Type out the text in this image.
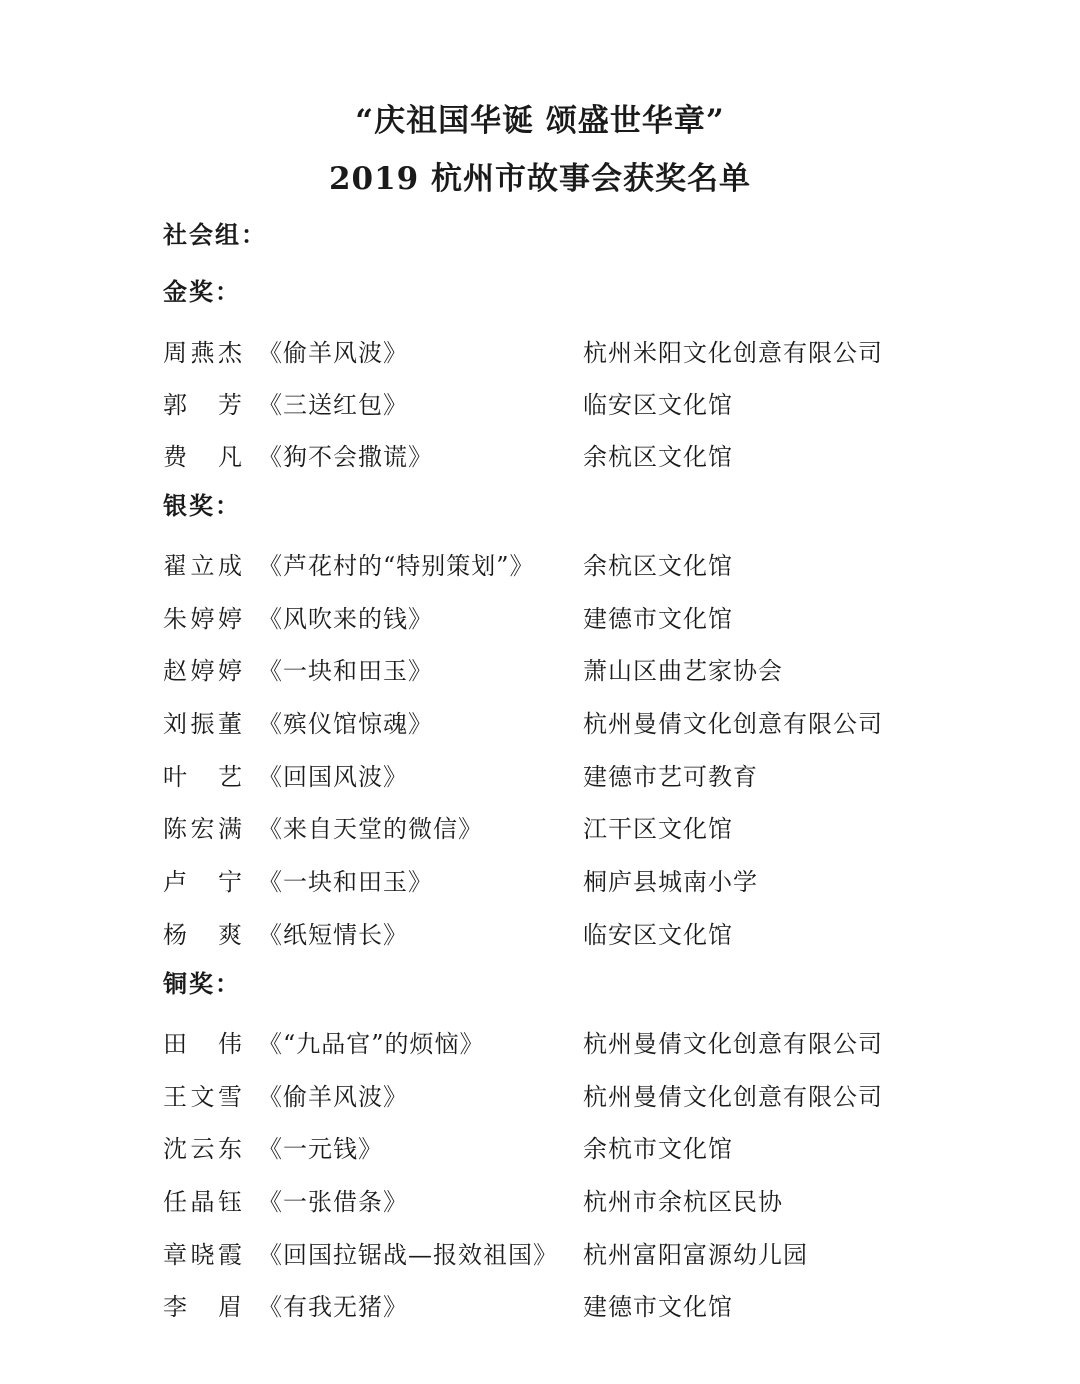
“庆祖国华诞 颂盛世华章”
2019 杭州市故事会获奖名单
社会组：
金奖：
周燕杰 《偷羊风波》	杭州米阳文化创意有限公司
郭　芳 《三送红包》	临安区文化馆
费　凡 《狗不会撒谎》	余杭区文化馆
银奖：
翟立成 《芦花村的“特别策划”》 余杭区文化馆
朱婷婷 《风吹来的钱》	建德市文化馆
赵婷婷 《一块和田玉》	萧山区曲艺家协会
刘振董 《殡仪馆惊魂》	杭州曼倩文化创意有限公司
叶　艺 《回国风波》	建德市艺可教育
陈宏满 《来自天堂的微信》	江干区文化馆
卢　宁 《一块和田玉》	桐庐县城南小学
杨　爽 《纸短情长》	临安区文化馆
铜奖：
田　伟 《“九品官”的烦恼》	杭州曼倩文化创意有限公司
王文雪 《偷羊风波》	杭州曼倩文化创意有限公司
沈云东 《一元钱》	余杭市文化馆
任晶钰 《一张借条》	杭州市余杭区民协
章晓霞 《回国拉锯战—报效祖国》 杭州富阳富源幼儿园
李　眉 《有我无猪》	建德市文化馆
